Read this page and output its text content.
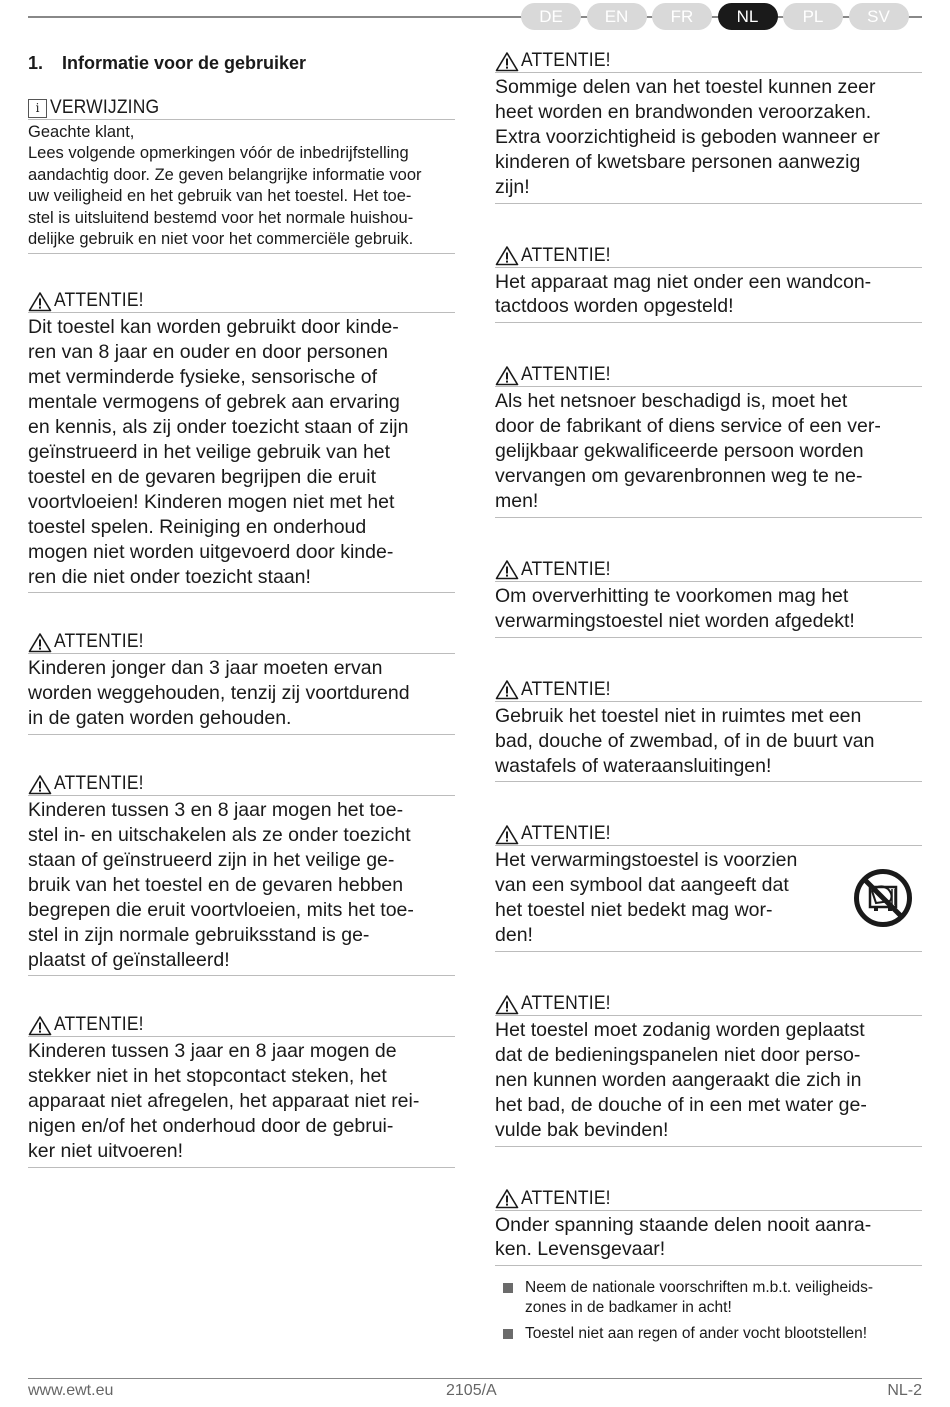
DE	EN	FR	NL	PL	SV
1.	Informatie voor de gebruiker
i VERWIJZING
Geachte klant,
Lees volgende opmerkingen vóór de inbedrijfstelling
aandachtig door. Ze geven belangrijke informatie voor
uw veiligheid en het gebruik van het toestel. Het toe-
stel is uitsluitend bestemd voor het normale huishou-
delijke gebruik en niet voor het commerciële gebruik.
ATTENTIE!
Dit toestel kan worden gebruikt door kinde-
ren van 8 jaar en ouder en door personen
met verminderde fysieke, sensorische of
mentale vermogens of gebrek aan ervaring
en kennis, als zij onder toezicht staan of zijn
geïnstrueerd in het veilige gebruik van het
toestel en de gevaren begrijpen die eruit
voortvloeien! Kinderen mogen niet met het
toestel spelen. Reiniging en onderhoud
mogen niet worden uitgevoerd door kinde-
ren die niet onder toezicht staan!
ATTENTIE!
Kinderen jonger dan 3 jaar moeten ervan
worden weggehouden, tenzij zij voortdurend
in de gaten worden gehouden.
ATTENTIE!
Kinderen tussen 3 en 8 jaar mogen het toe-
stel in- en uitschakelen als ze onder toezicht
staan of geïnstrueerd zijn in het veilige ge-
bruik van het toestel en de gevaren hebben
begrepen die eruit voortvloeien, mits het toe-
stel in zijn normale gebruiksstand is ge-
plaatst of geïnstalleerd!
ATTENTIE!
Kinderen tussen 3 jaar en 8 jaar mogen de
stekker niet in het stopcontact steken, het
apparaat niet afregelen, het apparaat niet rei-
nigen en/of het onderhoud door de gebrui-
ker niet uitvoeren!
ATTENTIE!
Sommige delen van het toestel kunnen zeer
heet worden en brandwonden veroorzaken.
Extra voorzichtigheid is geboden wanneer er
kinderen of kwetsbare personen aanwezig
zijn!
ATTENTIE!
Het apparaat mag niet onder een wandcon-
tactdoos worden opgesteld!
ATTENTIE!
Als het netsnoer beschadigd is, moet het
door de fabrikant of diens service of een ver-
gelijkbaar gekwalificeerde persoon worden
vervangen om gevarenbronnen weg te ne-
men!
ATTENTIE!
Om oververhitting te voorkomen mag het
verwarmingstoestel niet worden afgedekt!
ATTENTIE!
Gebruik het toestel niet in ruimtes met een
bad, douche of zwembad, of in de buurt van
wastafels of wateraansluitingen!
ATTENTIE!
Het verwarmingstoestel is voorzien
van een symbool dat aangeeft dat
het toestel niet bedekt mag wor-
den!
ATTENTIE!
Het toestel moet zodanig worden geplaatst
dat de bedieningspanelen niet door perso-
nen kunnen worden aangeraakt die zich in
het bad, de douche of in een met water ge-
vulde bak bevinden!
ATTENTIE!
Onder spanning staande delen nooit aanra-
ken. Levensgevaar!
Neem de nationale voorschriften m.b.t. veiligheids-
zones in de badkamer in acht!
Toestel niet aan regen of ander vocht blootstellen!
www.ewt.eu	2105/A	NL-2
